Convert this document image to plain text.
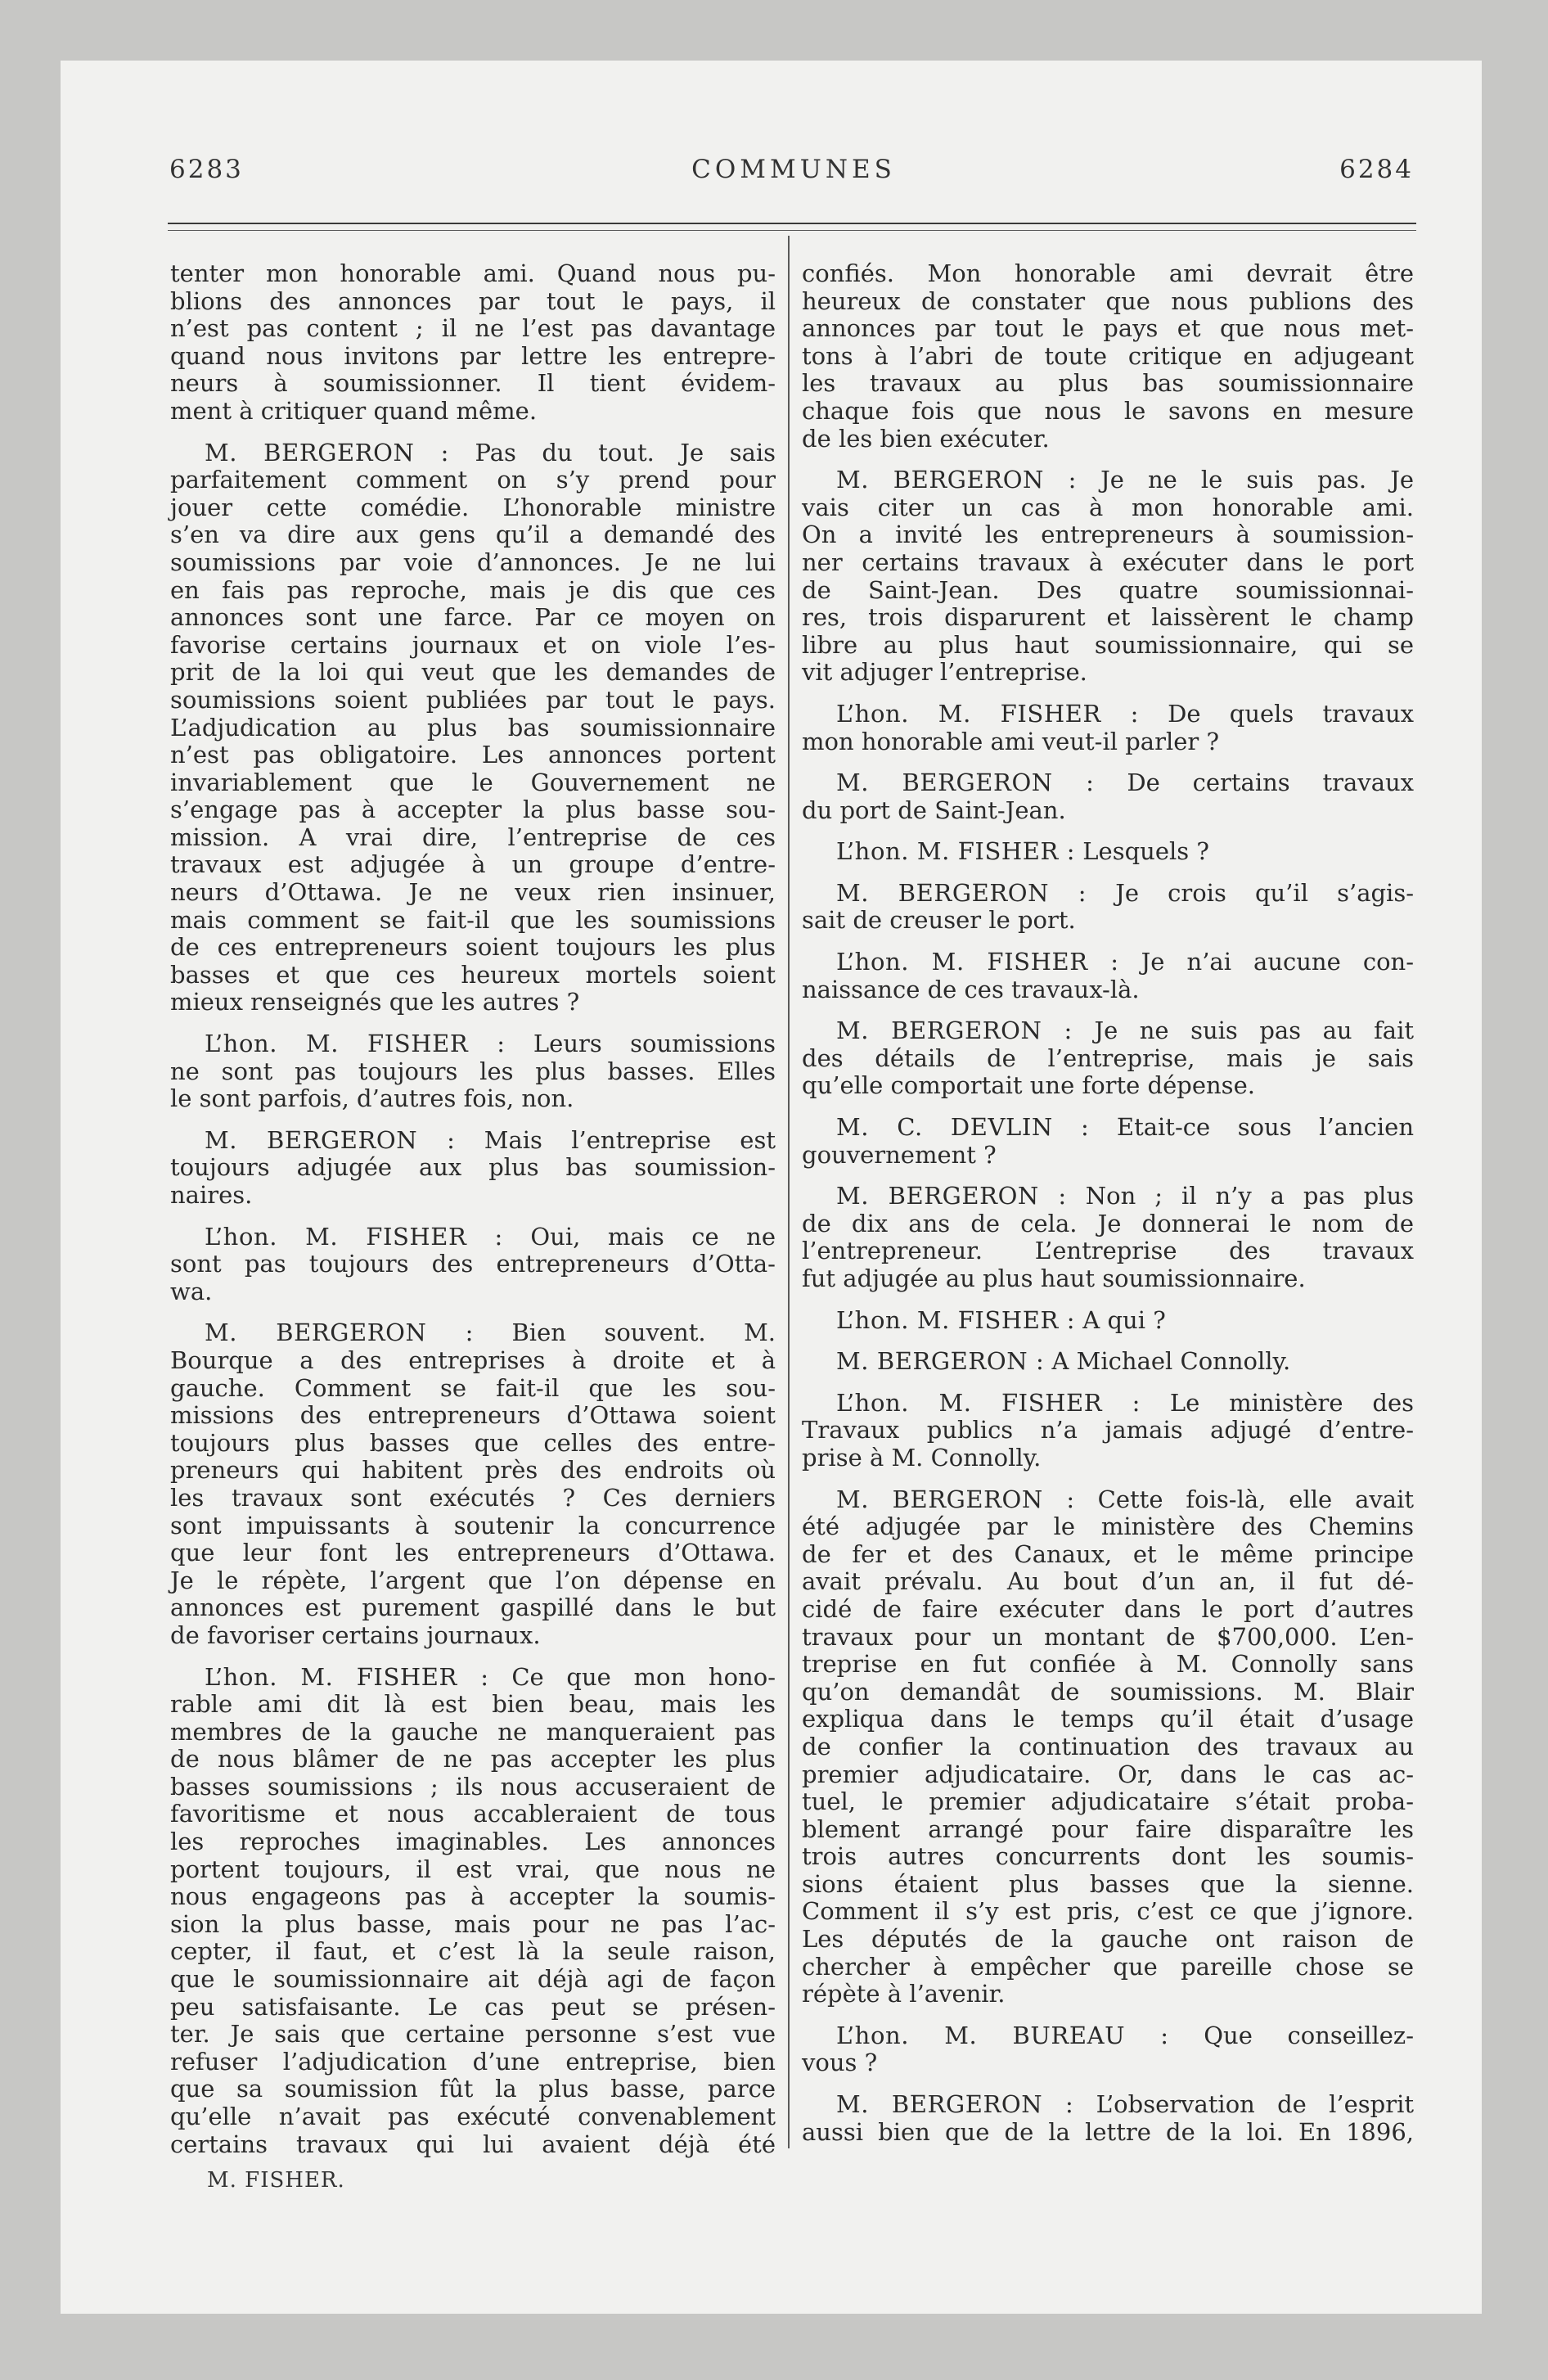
6283	COMMUNES	6284
tenter mon honorable ami. Quand nous pu-
blions des annonces par tout le pays, il
n’est pas content ; il ne l’est pas davantage
quand nous invitons par lettre les entrepre-
neurs à soumissionner. Il tient évidem-
ment à critiquer quand même.
M. BERGERON : Pas du tout. Je sais
parfaitement comment on s’y prend pour
jouer cette comédie. L’honorable ministre
s’en va dire aux gens qu’il a demandé des
soumissions par voie d’annonces. Je ne lui
en fais pas reproche, mais je dis que ces
annonces sont une farce. Par ce moyen on
favorise certains journaux et on viole l’es-
prit de la loi qui veut que les demandes de
soumissions soient publiées par tout le pays.
L’adjudication au plus bas soumissionnaire
n’est pas obligatoire. Les annonces portent
invariablement que le Gouvernement ne
s’engage pas à accepter la plus basse sou-
mission. A vrai dire, l’entreprise de ces
travaux est adjugée à un groupe d’entre-
neurs d’Ottawa. Je ne veux rien insinuer,
mais comment se fait-il que les soumissions
de ces entrepreneurs soient toujours les plus
basses et que ces heureux mortels soient
mieux renseignés que les autres ?
L’hon. M. FISHER : Leurs soumissions
ne sont pas toujours les plus basses. Elles
le sont parfois, d’autres fois, non.
M. BERGERON : Mais l’entreprise est
toujours adjugée aux plus bas soumission-
naires.
L’hon. M. FISHER : Oui, mais ce ne
sont pas toujours des entrepreneurs d’Otta-
wa.
M. BERGERON : Bien souvent. M.
Bourque a des entreprises à droite et à
gauche. Comment se fait-il que les sou-
missions des entrepreneurs d’Ottawa soient
toujours plus basses que celles des entre-
preneurs qui habitent près des endroits où
les travaux sont exécutés ? Ces derniers
sont impuissants à soutenir la concurrence
que leur font les entrepreneurs d’Ottawa.
Je le répète, l’argent que l’on dépense en
annonces est purement gaspillé dans le but
de favoriser certains journaux.
L’hon. M. FISHER : Ce que mon hono-
rable ami dit là est bien beau, mais les
membres de la gauche ne manqueraient pas
de nous blâmer de ne pas accepter les plus
basses soumissions ; ils nous accuseraient de
favoritisme et nous accableraient de tous
les reproches imaginables. Les annonces
portent toujours, il est vrai, que nous ne
nous engageons pas à accepter la soumis-
sion la plus basse, mais pour ne pas l’ac-
cepter, il faut, et c’est là la seule raison,
que le soumissionnaire ait déjà agi de façon
peu satisfaisante. Le cas peut se présen-
ter. Je sais que certaine personne s’est vue
refuser l’adjudication d’une entreprise, bien
que sa soumission fût la plus basse, parce
qu’elle n’avait pas exécuté convenablement
certains travaux qui lui avaient déjà été
confiés. Mon honorable ami devrait être
heureux de constater que nous publions des
annonces par tout le pays et que nous met-
tons à l’abri de toute critique en adjugeant
les travaux au plus bas soumissionnaire
chaque fois que nous le savons en mesure
de les bien exécuter.
M. BERGERON : Je ne le suis pas. Je
vais citer un cas à mon honorable ami.
On a invité les entrepreneurs à soumission-
ner certains travaux à exécuter dans le port
de Saint-Jean. Des quatre soumissionnai-
res, trois disparurent et laissèrent le champ
libre au plus haut soumissionnaire, qui se
vit adjuger l’entreprise.
L’hon. M. FISHER : De quels travaux
mon honorable ami veut-il parler ?
M. BERGERON : De certains travaux
du port de Saint-Jean.
L’hon. M. FISHER : Lesquels ?
M. BERGERON : Je crois qu’il s’agis-
sait de creuser le port.
L’hon. M. FISHER : Je n’ai aucune con-
naissance de ces travaux-là.
M. BERGERON : Je ne suis pas au fait
des détails de l’entreprise, mais je sais
qu’elle comportait une forte dépense.
M. C. DEVLIN : Etait-ce sous l’ancien
gouvernement ?
M. BERGERON : Non ; il n’y a pas plus
de dix ans de cela. Je donnerai le nom de
l’entrepreneur. L’entreprise des travaux
fut adjugée au plus haut soumissionnaire.
L’hon. M. FISHER : A qui ?
M. BERGERON : A Michael Connolly.
L’hon. M. FISHER : Le ministère des
Travaux publics n’a jamais adjugé d’entre-
prise à M. Connolly.
M. BERGERON : Cette fois-là, elle avait
été adjugée par le ministère des Chemins
de fer et des Canaux, et le même principe
avait prévalu. Au bout d’un an, il fut dé-
cidé de faire exécuter dans le port d’autres
travaux pour un montant de $700,000. L’en-
treprise en fut confiée à M. Connolly sans
qu’on demandât de soumissions. M. Blair
expliqua dans le temps qu’il était d’usage
de confier la continuation des travaux au
premier adjudicataire. Or, dans le cas ac-
tuel, le premier adjudicataire s’était proba-
blement arrangé pour faire disparaître les
trois autres concurrents dont les soumis-
sions étaient plus basses que la sienne.
Comment il s’y est pris, c’est ce que j’ignore.
Les députés de la gauche ont raison de
chercher à empêcher que pareille chose se
répète à l’avenir.
L’hon. M. BUREAU : Que conseillez-
vous ?
M. BERGERON : L’observation de l’esprit
aussi bien que de la lettre de la loi. En 1896,
M. FISHER.
